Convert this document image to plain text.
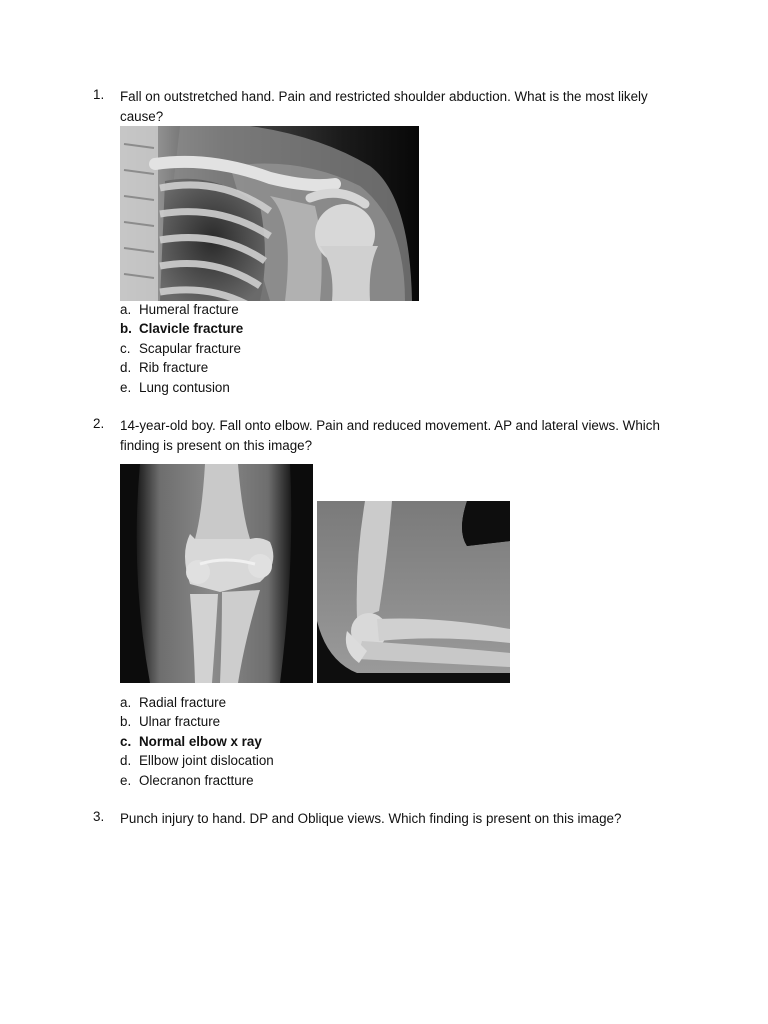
1. Fall on outstretched hand. Pain and restricted shoulder abduction. What is the most likely cause?
a. Humeral fracture
b. Clavicle fracture
c. Scapular fracture
d. Rib fracture
e. Lung contusion
2. 14-year-old boy. Fall onto elbow. Pain and reduced movement. AP and lateral views. Which finding is present on this image?
a. Radial fracture
b. Ulnar fracture
c. Normal elbow x ray
d. Ellbow joint dislocation
e. Olecranon fractture
3. Punch injury to hand. DP and Oblique views. Which finding is present on this image?
